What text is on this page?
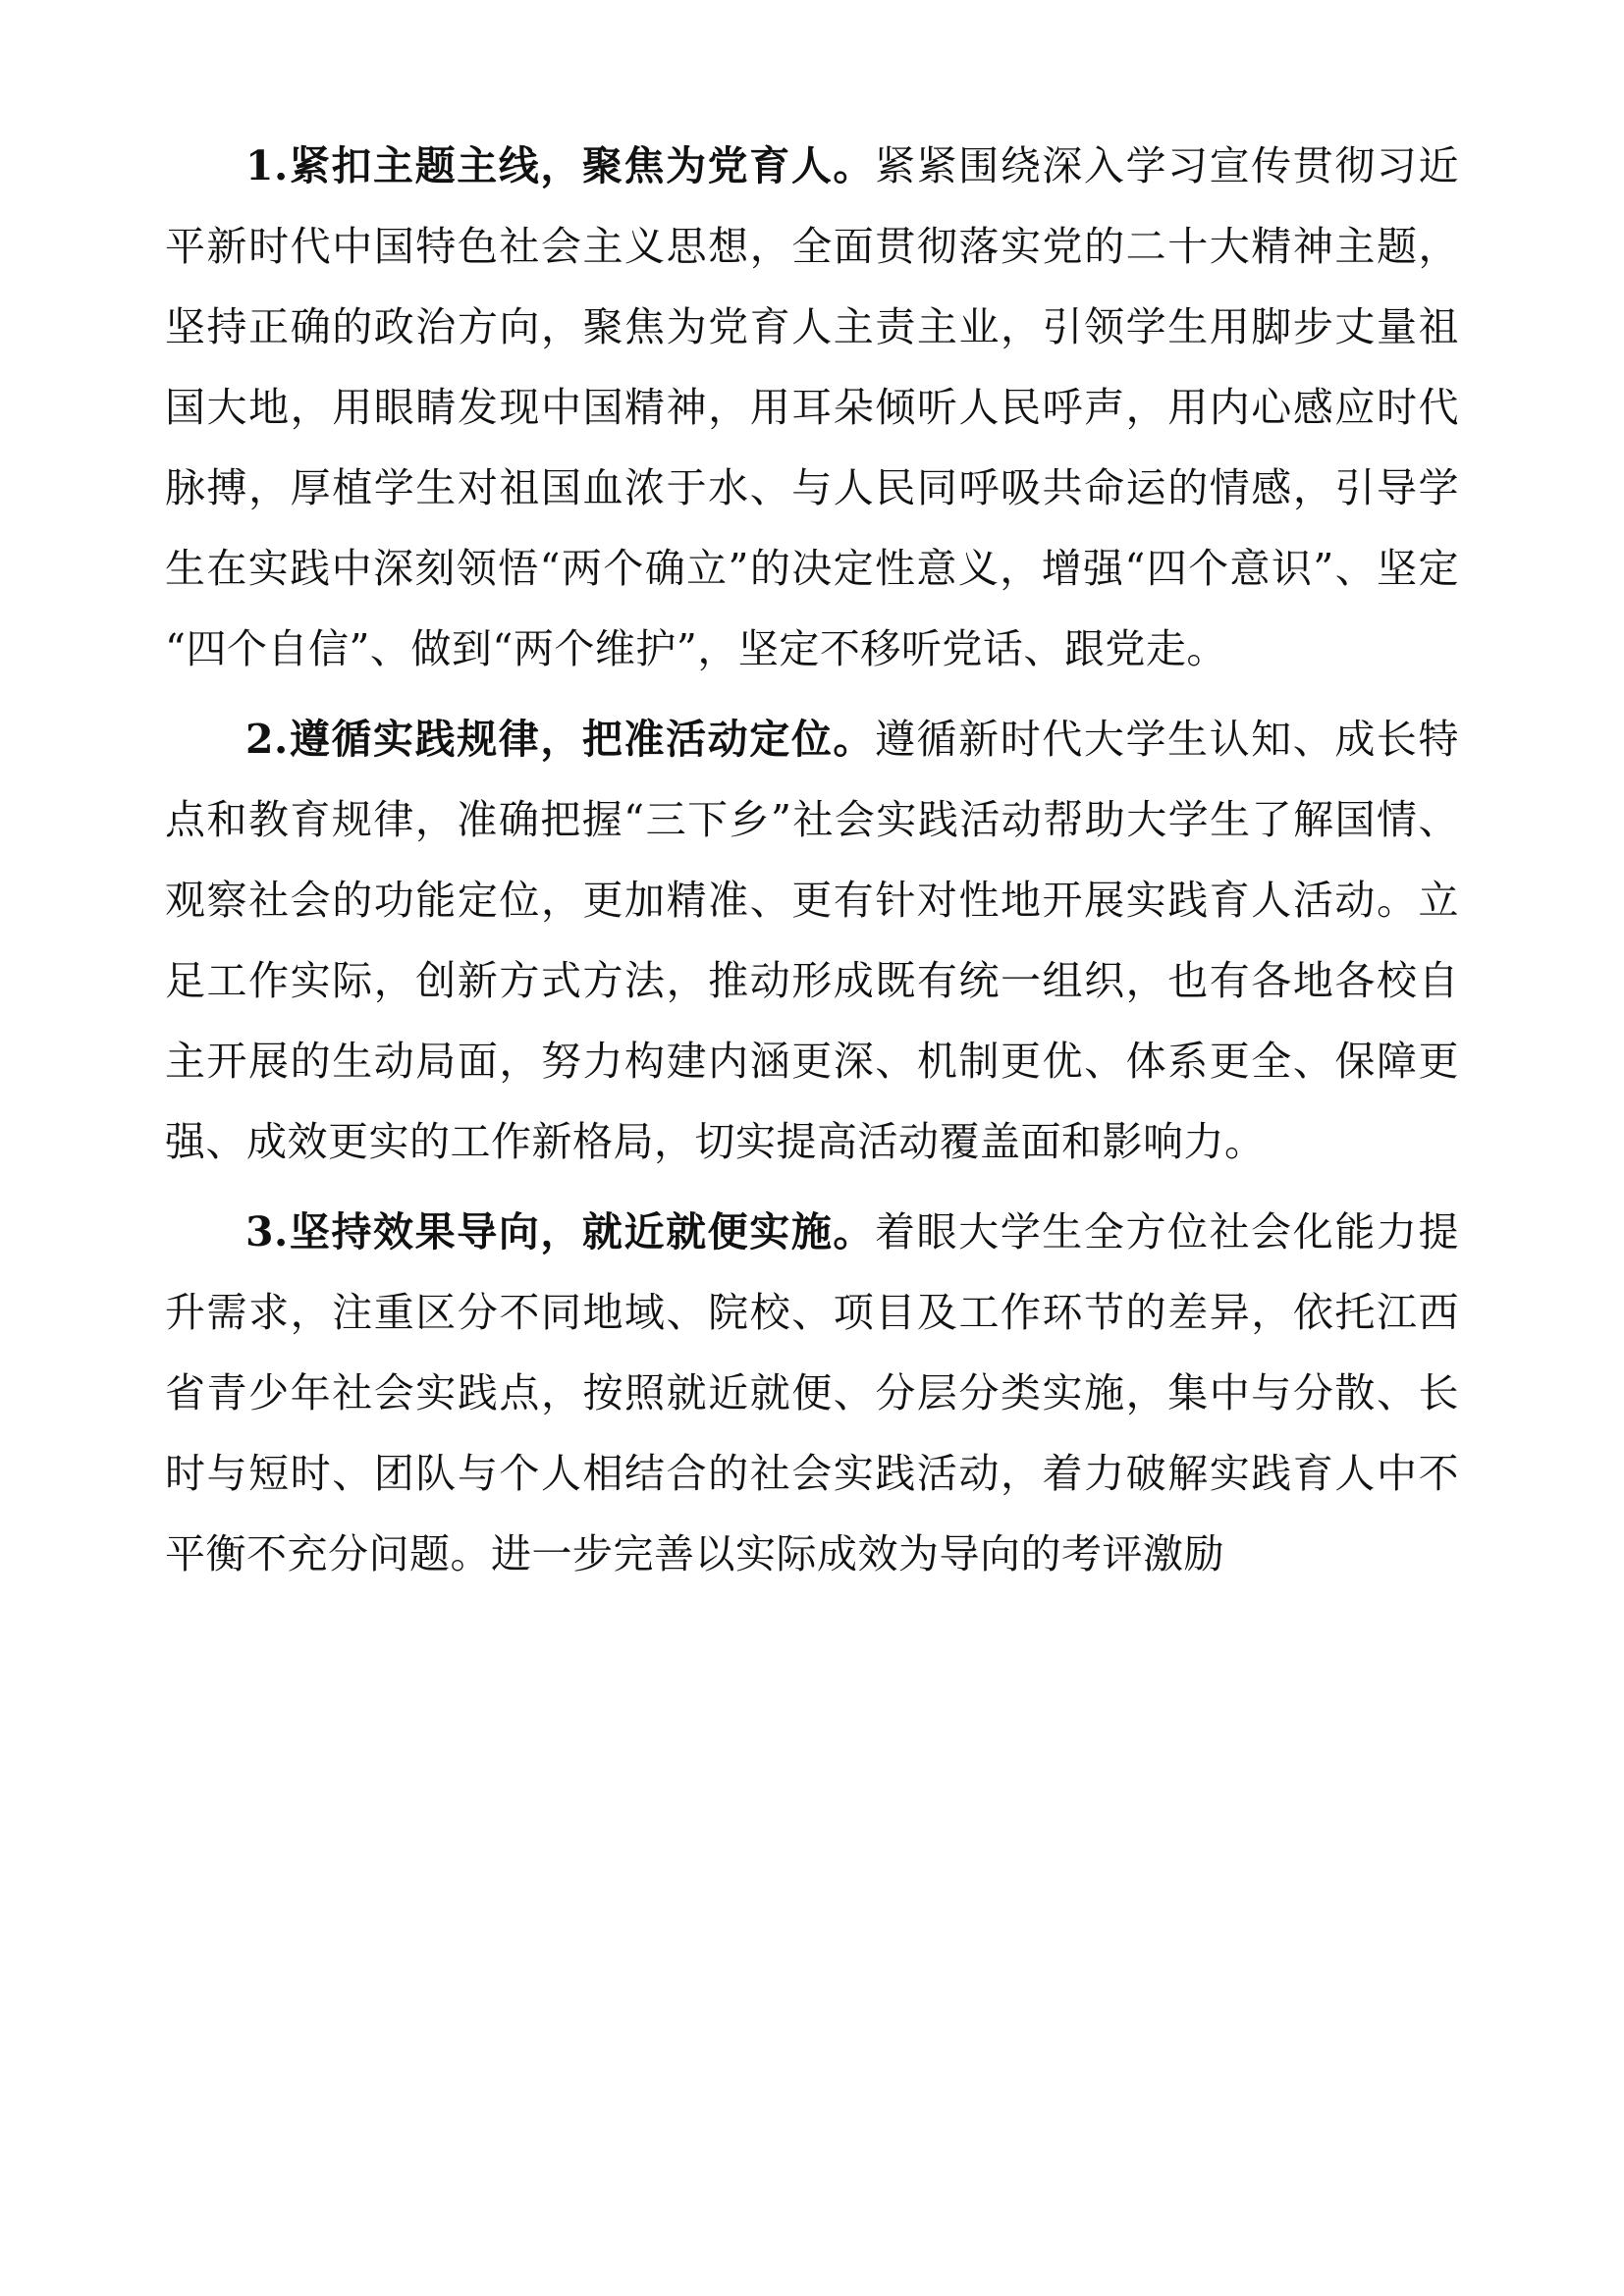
1.紧扣主题主线，聚焦为党育人。紧紧围绕深入学习宣传贯彻习近平新时代中国特色社会主义思想，全面贯彻落实党的二十大精神主题，坚持正确的政治方向，聚焦为党育人主责主业，引领学生用脚步丈量祖国大地，用眼睛发现中国精神，用耳朵倾听人民呼声，用内心感应时代脉搏，厚植学生对祖国血浓于水、与人民同呼吸共命运的情感，引导学生在实践中深刻领悟“两个确立”的决定性意义，增强“四个意识”、坚定“四个自信”、做到“两个维护”，坚定不移听党话、跟党走。

2.遵循实践规律，把准活动定位。遵循新时代大学生认知、成长特点和教育规律，准确把握“三下乡”社会实践活动帮助大学生了解国情、观察社会的功能定位，更加精准、更有针对性地开展实践育人活动。立足工作实际，创新方式方法，推动形成既有统一组织，也有各地各校自主开展的生动局面，努力构建内涵更深、机制更优、体系更全、保障更强、成效更实的工作新格局，切实提高活动覆盖面和影响力。

3.坚持效果导向，就近就便实施。着眼大学生全方位社会化能力提升需求，注重区分不同地域、院校、项目及工作环节的差异，依托江西省青少年社会实践点，按照就近就便、分层分类实施，集中与分散、长时与短时、团队与个人相结合的社会实践活动，着力破解实践育人中不平衡不充分问题。进一步完善以实际成效为导向的考评激励
